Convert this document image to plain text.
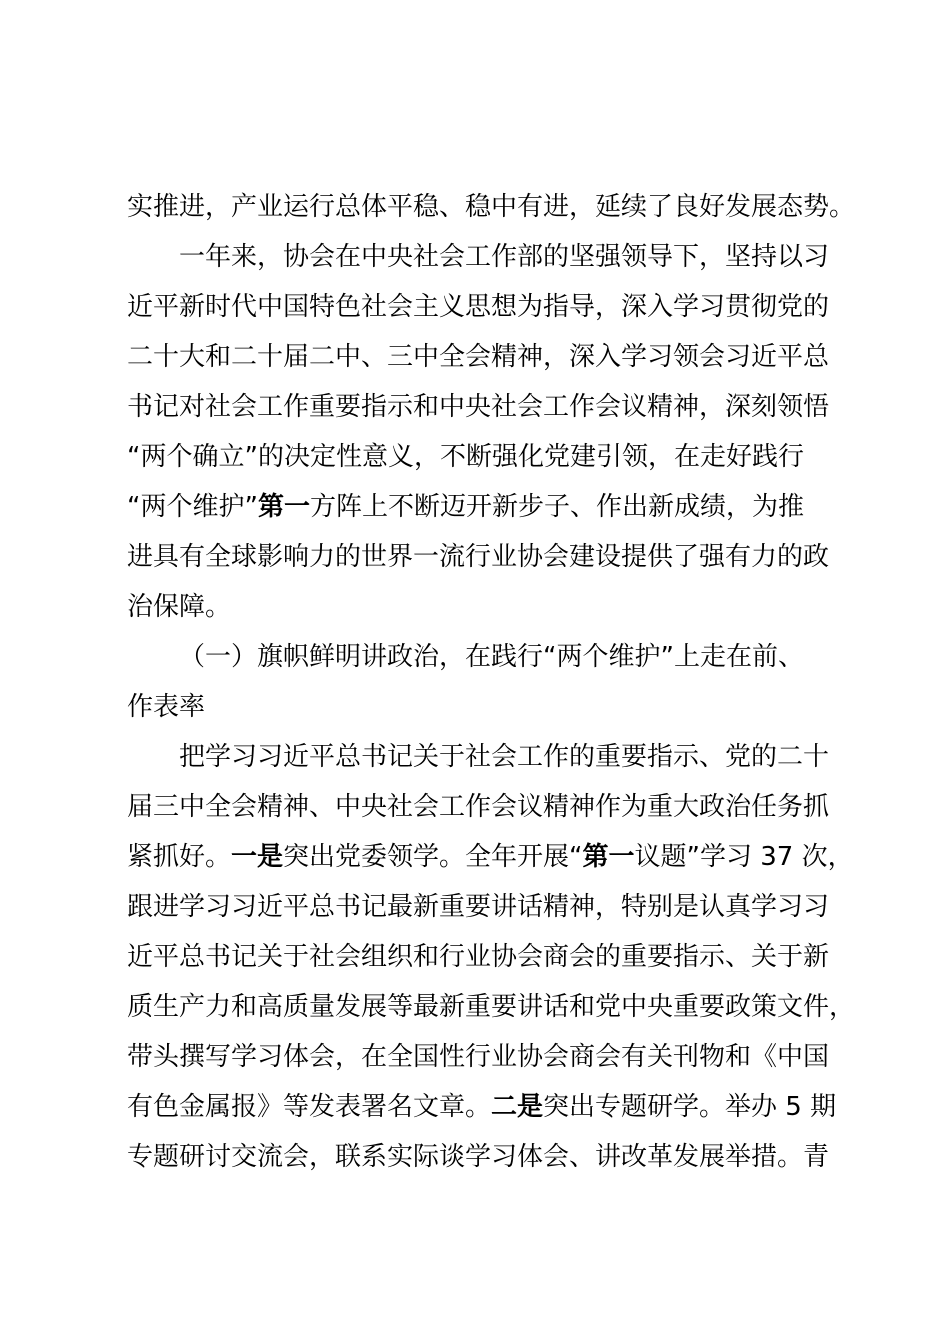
实推进，产业运行总体平稳、稳中有进，延续了良好发展态势。
一年来，协会在中央社会工作部的坚强领导下，坚持以习
近平新时代中国特色社会主义思想为指导，深入学习贯彻党的
二十大和二十届二中、三中全会精神，深入学习领会习近平总
书记对社会工作重要指示和中央社会工作会议精神，深刻领悟
“两个确立”的决定性意义，不断强化党建引领，在走好践行
“两个维护”第一方阵上不断迈开新步子、作出新成绩，为推
进具有全球影响力的世界一流行业协会建设提供了强有力的政
治保障。
（一）旗帜鲜明讲政治，在践行“两个维护”上走在前、
作表率
把学习习近平总书记关于社会工作的重要指示、党的二十
届三中全会精神、中央社会工作会议精神作为重大政治任务抓
紧抓好。一是突出党委领学。全年开展“第一议题”学习 37 次，
跟进学习习近平总书记最新重要讲话精神，特别是认真学习习
近平总书记关于社会组织和行业协会商会的重要指示、关于新
质生产力和高质量发展等最新重要讲话和党中央重要政策文件，
带头撰写学习体会，在全国性行业协会商会有关刊物和《中国
有色金属报》等发表署名文章。二是突出专题研学。举办 5 期
专题研讨交流会，联系实际谈学习体会、讲改革发展举措。青
